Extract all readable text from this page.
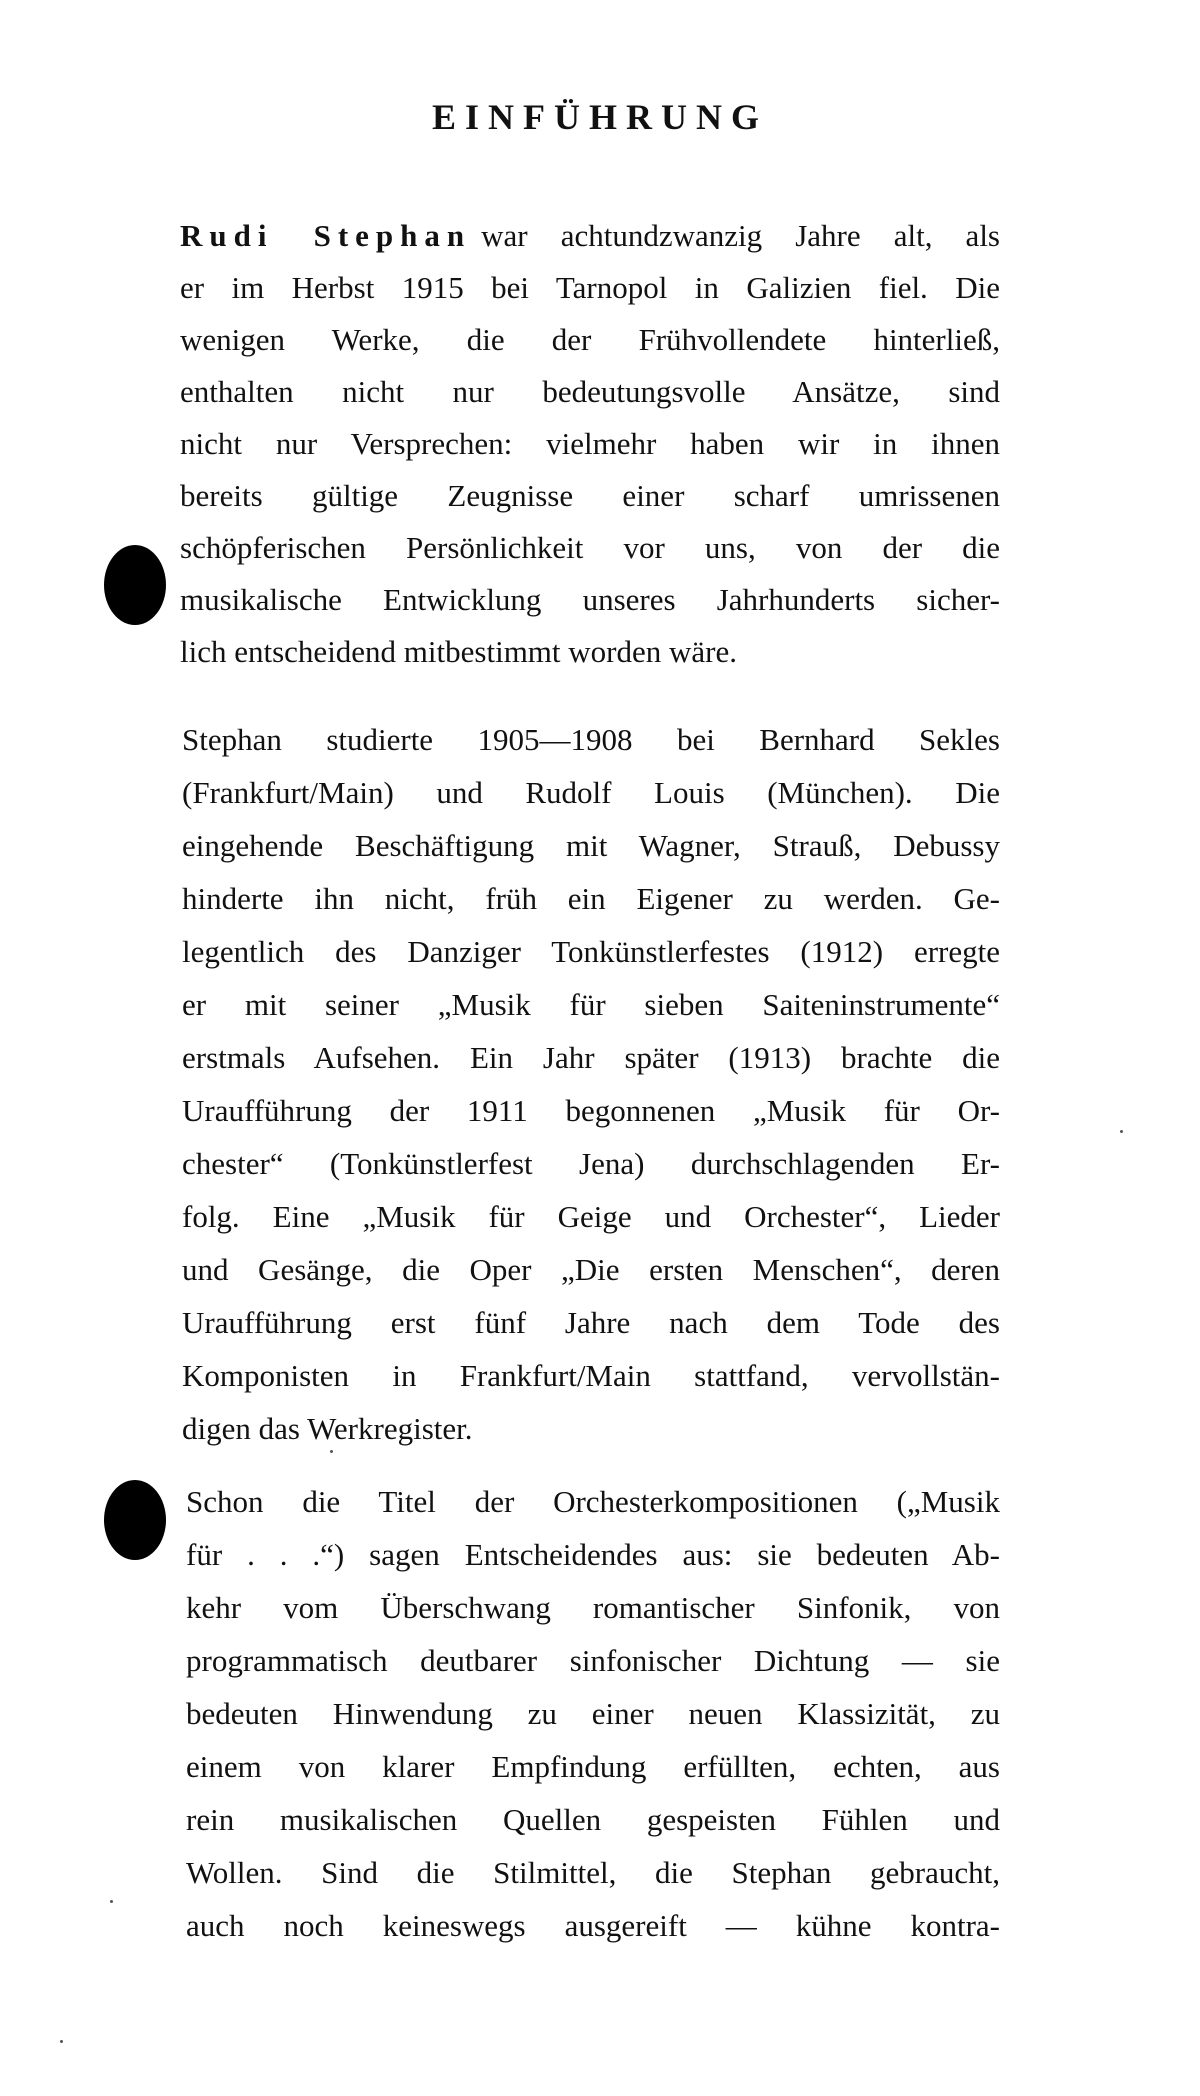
EINFÜHRUNG
Rudi Stephan war achtundzwanzig Jahre alt, als
er im Herbst 1915 bei Tarnopol in Galizien fiel. Die
wenigen Werke, die der Frühvollendete hinterließ,
enthalten nicht nur bedeutungsvolle Ansätze, sind
nicht nur Versprechen: vielmehr haben wir in ihnen
bereits gültige Zeugnisse einer scharf umrissenen
schöpferischen Persönlichkeit vor uns, von der die
musikalische Entwicklung unseres Jahrhunderts sicher-
lich entscheidend mitbestimmt worden wäre.
Stephan studierte 1905—1908 bei Bernhard Sekles
(Frankfurt/Main) und Rudolf Louis (München). Die
eingehende Beschäftigung mit Wagner, Strauß, Debussy
hinderte ihn nicht, früh ein Eigener zu werden. Ge-
legentlich des Danziger Tonkünstlerfestes (1912) erregte
er mit seiner „Musik für sieben Saiteninstrumente“
erstmals Aufsehen. Ein Jahr später (1913) brachte die
Uraufführung der 1911 begonnenen „Musik für Or-
chester“ (Tonkünstlerfest Jena) durchschlagenden Er-
folg. Eine „Musik für Geige und Orchester“, Lieder
und Gesänge, die Oper „Die ersten Menschen“, deren
Uraufführung erst fünf Jahre nach dem Tode des
Komponisten in Frankfurt/Main stattfand, vervollstän-
digen das Werkregister.
Schon die Titel der Orchesterkompositionen („Musik
für . . .“) sagen Entscheidendes aus: sie bedeuten Ab-
kehr vom Überschwang romantischer Sinfonik, von
programmatisch deutbarer sinfonischer Dichtung — sie
bedeuten Hinwendung zu einer neuen Klassizität, zu
einem von klarer Empfindung erfüllten, echten, aus
rein musikalischen Quellen gespeisten Fühlen und
Wollen. Sind die Stilmittel, die Stephan gebraucht,
auch noch keineswegs ausgereift — kühne kontra-
